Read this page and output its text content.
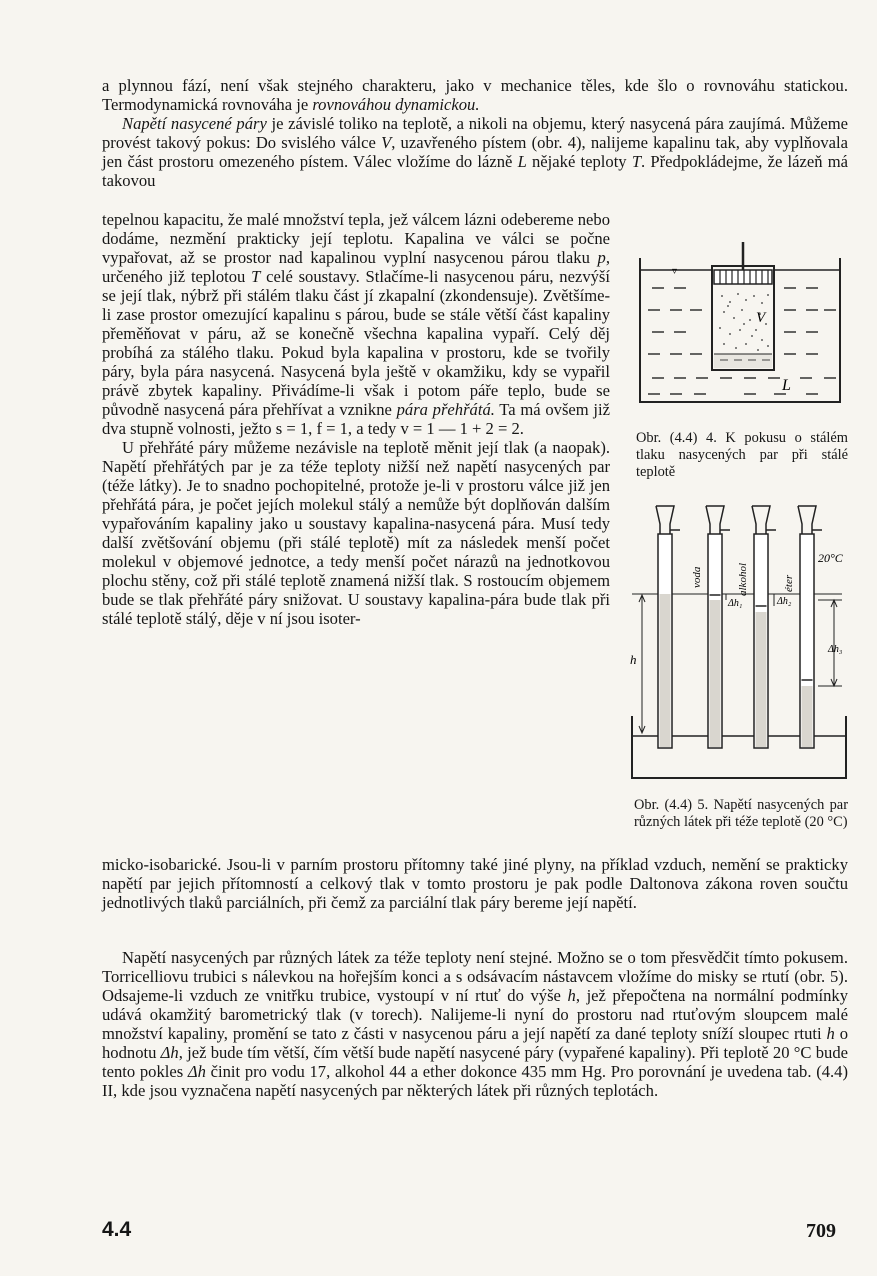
a plynnou fází, není však stejného charakteru, jako v mechanice těles, kde šlo o rovnováhu statickou. Termodynamická rovnováha je rovnováhou dynamickou.

Napětí nasycené páry je závislé toliko na teplotě, a nikoli na objemu, který nasycená pára zaujímá. Můžeme provést takový pokus: Do svislého válce V, uzavřeného pístem (obr. 4), nalijeme kapalinu tak, aby vyplňovala jen část prostoru omezeného pístem. Válec vložíme do lázně L nějaké teploty T. Předpokládejme, že lázeň má takovou

tepelnou kapacitu, že malé množství tepla, jež válcem lázni odebereme nebo dodáme, nezmění prakticky její teplotu. Kapalina ve válci se počne vypařovat, až se prostor nad kapalinou vyplní nasycenou párou tlaku p, určeného již teplotou T celé soustavy. Stlačíme-li nasycenou páru, nezvýší se její tlak, nýbrž při stálém tlaku část jí zkapalní (zkondensuje). Zvětšíme-li zase prostor omezující kapalinu s párou, bude se stále větší část kapaliny přeměňovat v páru, až se konečně všechna kapalina vypaří. Celý děj probíhá za stálého tlaku. Pokud byla kapalina v prostoru, kde se tvořily páry, byla pára nasycená. Nasycená byla ještě v okamžiku, kdy se vypařil právě zbytek kapaliny. Přivádíme-li však i potom páře teplo, bude se původně nasycená pára přehřívat a vznikne pára přehřátá. Ta má ovšem již dva stupně volnosti, ježto s = 1, f = 1, a tedy v = 1 — 1 + 2 = 2.

U přehřáté páry můžeme nezávisle na teplotě měnit její tlak (a naopak). Napětí přehřátých par je za téže teploty nižší než napětí nasycených par (téže látky). Je to snadno pochopitelné, protože je-li v prostoru válce již jen přehřátá pára, je počet jejích molekul stálý a nemůže být doplňován dalším vypařováním kapaliny jako u soustavy kapalina-nasycená pára. Musí tedy další zvětšování objemu (při stálé teplotě) mít za následek menší počet molekul v objemové jednotce, a tedy menší počet nárazů na jednotkovou plochu stěny, což při stálé teplotě znamená nižší tlak. S rostoucím objemem bude se tlak přehřáté páry snižovat. U soustavy kapalina-pára bude tlak při stálé teplotě stálý, děje v ní jsou isoter-

micko-isobarické. Jsou-li v parním prostoru přítomny také jiné plyny, na příklad vzduch, nemění se prakticky napětí par jejich přítomností a celkový tlak v tomto prostoru je pak podle Daltonova zákona roven součtu jednotlivých tlaků parciálních, při čemž za parciální tlak páry bereme její napětí.

Napětí nasycených par různých látek za téže teploty není stejné. Možno se o tom přesvědčit tímto pokusem. Torricelliovu trubici s nálevkou na hořejším konci a s odsávacím nástavcem vložíme do misky se rtutí (obr. 5). Odsajeme-li vzduch ze vnitřku trubice, vystoupí v ní rtuť do výše h, jež přepočtena na normální podmínky udává okamžitý barometrický tlak (v torech). Nalijeme-li nyní do prostoru nad rtuťovým sloupcem malé množství kapaliny, promění se tato z části v nasycenou páru a její napětí za dané teploty sníží sloupec rtuti h o hodnotu Δh, jež bude tím větší, čím větší bude napětí nasycené páry (vypařené kapaliny). Při teplotě 20 °C bude tento pokles Δh činit pro vodu 17, alkohol 44 a ether dokonce 435 mm Hg. Pro porovnání je uvedena tab. (4.4) II, kde jsou vyznačena napětí nasycených par některých látek při různých teplotách.

▿
V
L
Obr. (4.4) 4. K pokusu o stálém tlaku nasycených par při stálé teplotě
h
voda	alkohol	éter
20°C
Δh₁	Δh₂
Δh₃
Obr. (4.4) 5. Napětí nasycených par různých látek při téže teplotě (20 °C)
4.4	709
